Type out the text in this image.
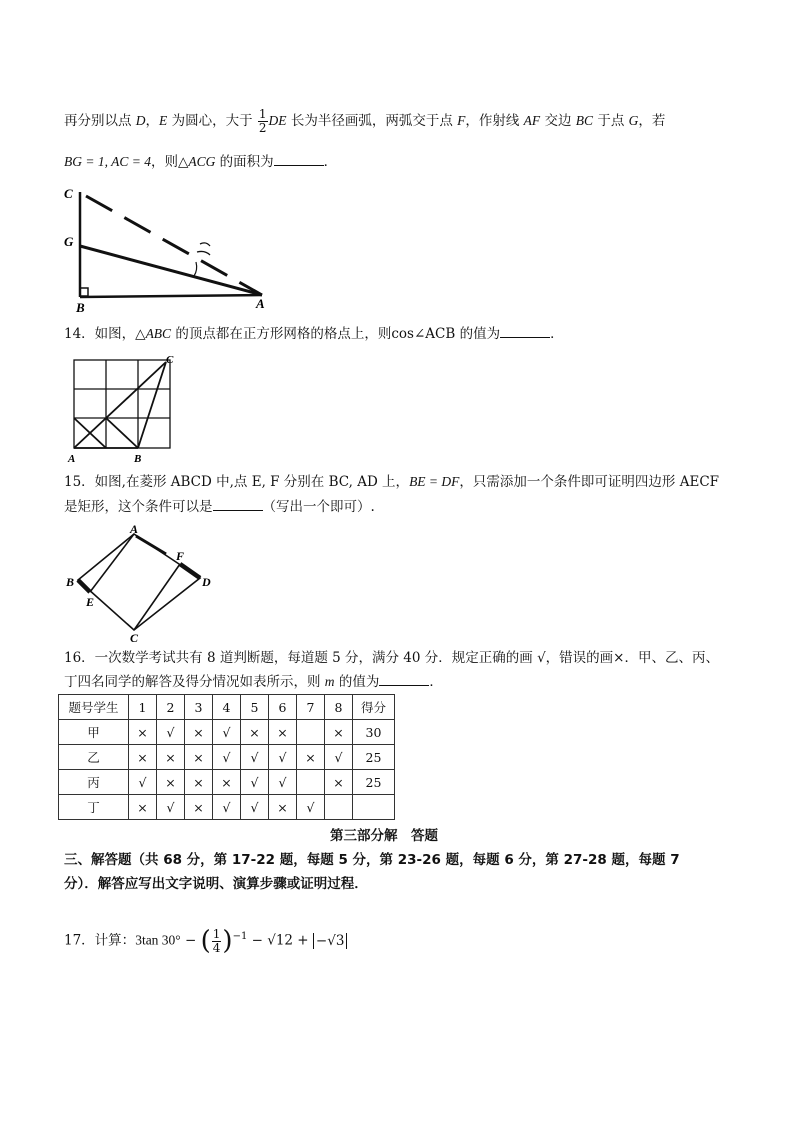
再分别以点 D，E 为圆心，大于 $\frac{1}{2}$ DE 长为半径画弧，两弧交于点 F，作射线 AF 交边 BC 于点 G，若
BG = 1, AC = 4，则△ACG 的面积为	．
C
G
B	A
14．如图，△ABC 的顶点都在正方形网格的格点上，则cos∠ACB 的值为	．
A	B
C
15．如图,在菱形 ABCD 中,点 E, F 分别在 BC, AD 上，BE = DF，只需添加一个条件即可证明四边形 AECF
是矩形，这个条件可以是	（写出一个即可）.
A
B
C
D
E
F
16．一次数学考试共有 8 道判断题，每道题 5 分，满分 40 分．规定正确的画 √，错误的画×．甲、乙、丙、
丁四名同学的解答及得分情况如表所示，则 m 的值为	．
题号学生	1	2	3	4	5	6	7	8	得分
甲	×	√	×	√	×	×		×	30
乙	×	×	×	√	√	√	×	√	25
丙	√	×	×	×	√	√		×	25
丁	×	√	×	√	√	×	√		
第三部分解　答题
三、解答题（共 68 分，第 17-22 题，每题 5 分，第 23-26 题，每题 6 分，第 27-28 题，每题 7
分）．解答应写出文字说明、演算步骤或证明过程．
17．计算：3tan 30° − ( $\frac{1}{4} )^{-1} - √12 + -√3$
